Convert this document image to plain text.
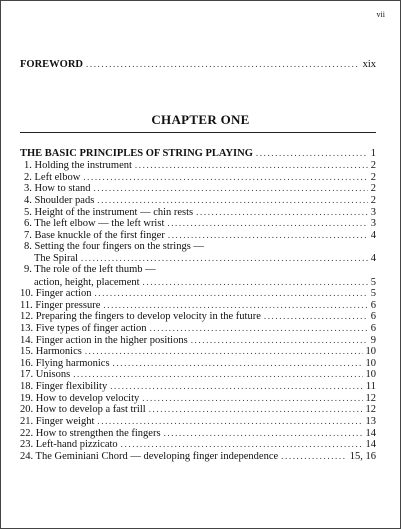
vii
FOREWORD .....	xix
CHAPTER ONE
THE BASIC PRINCIPLES OF STRING PLAYING .....	1
1. Holding the instrument .....	2
2. Left elbow .....	2
3. How to stand .....	2
4. Shoulder pads .....	2
5. Height of the instrument — chin rests .....	3
6. The left elbow — the left wrist .....	3
7. Base knuckle of the first finger .....	4
8. Setting the four fingers on the strings —
The Spiral .....	4
9. The role of the left thumb —
action, height, placement .....	5
10. Finger action .....	5
11. Finger pressure .....	6
12. Preparing the fingers to develop velocity in the future .....	6
13. Five types of finger action .....	6
14. Finger action in the higher positions .....	9
15. Harmonics .....	10
16. Flying harmonics .....	10
17. Unisons .....	10
18. Finger flexibility .....	11
19. How to develop velocity .....	12
20. How to develop a fast trill .....	12
21. Finger weight .....	13
22. How to strengthen the fingers .....	14
23. Left-hand pizzicato .....	14
24. The Geminiani Chord — developing finger independence .....	15, 16
